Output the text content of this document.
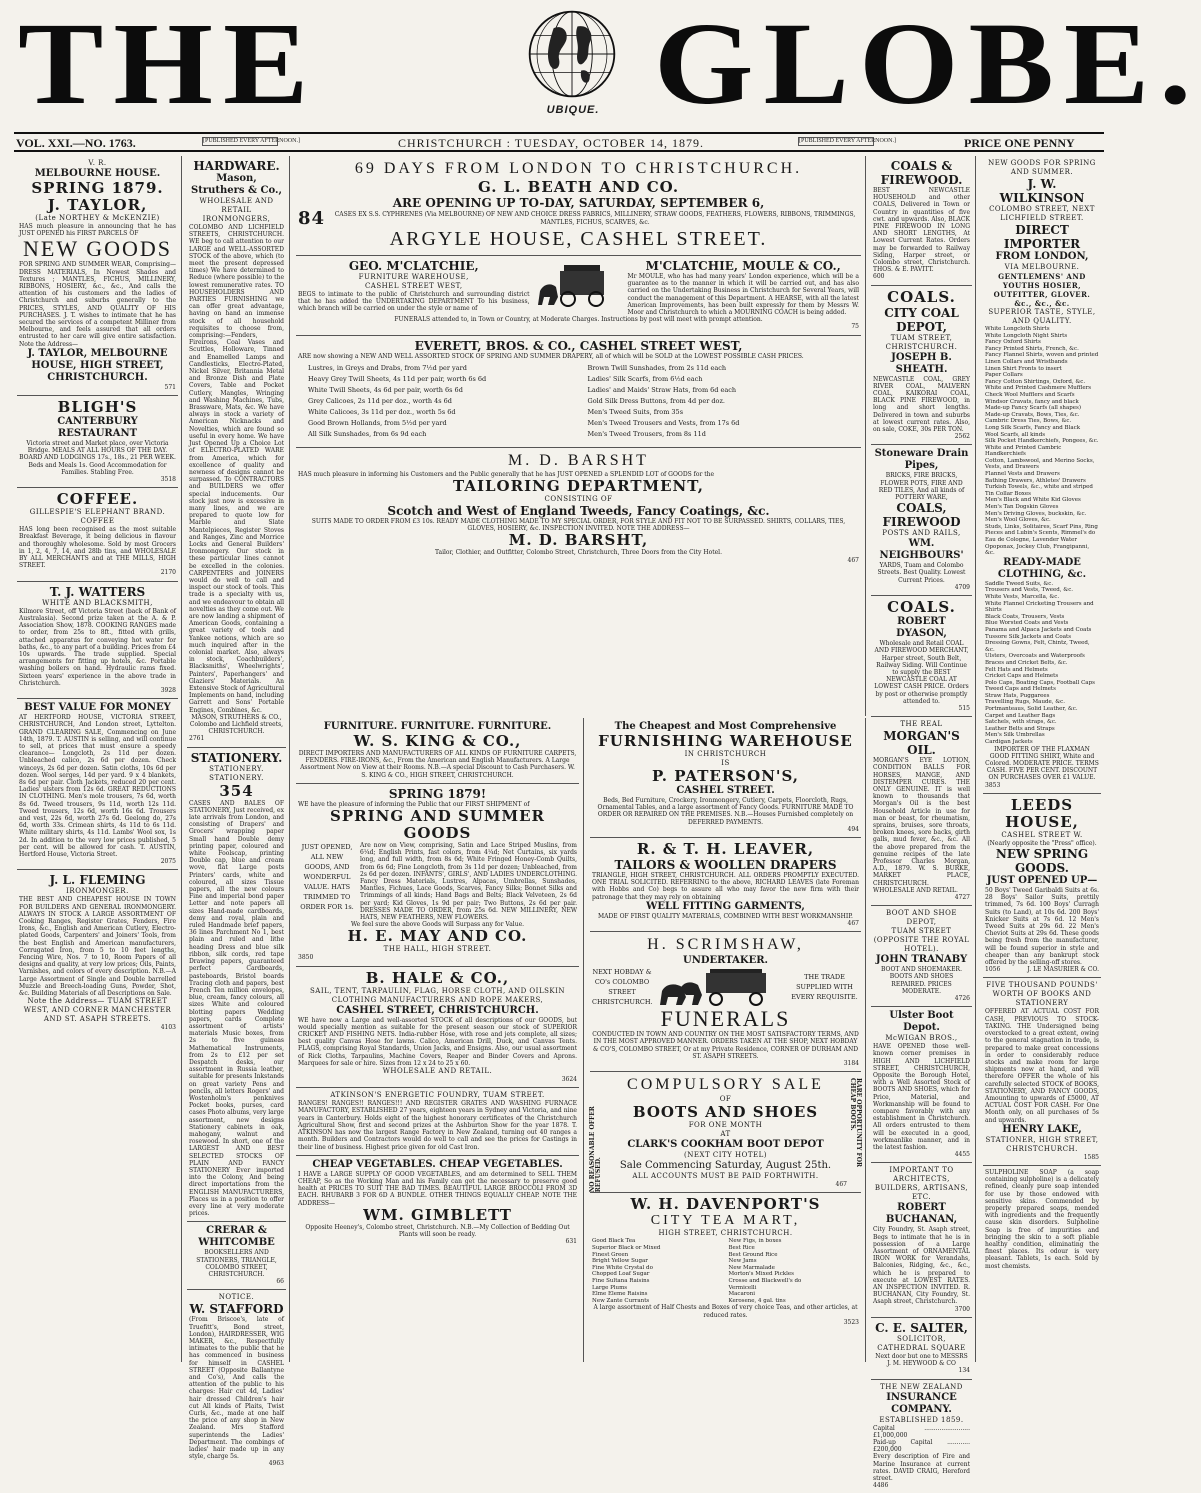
THE	UBIQUE. GLOBE.
VOL. XXI.—NO. 1763.	[PUBLISHED EVERY AFTERNOON.]	CHRISTCHURCH : TUESDAY, OCTOBER 14, 1879.	[PUBLISHED EVERY AFTERNOON.]	PRICE ONE PENNY
V. R.
MELBOURNE HOUSE.
SPRING 1879.
J. TAYLOR,
(Late NORTHEY & McKENZIE)
HAS much pleasure in announcing that he has JUST OPENED his FIRST PARCELS OF
NEW GOODS
FOR SPRING AND SUMMER WEAR, Comprising— DRESS MATERIALS, In Newest Shades and Textures ; MANTLES, FICHUS, MILLINERY, RIBBONS, HOSIERY, &c., &c., And calls the attention of his customers and the ladies of Christchurch and suburbs generally to the PRICES, STYLES, AND QUALITY OF HIS PURCHASES. J. T. wishes to intimate that he has secured the services of a competent Milliner from Melbourne, and feels assured that all orders entrusted to her care will give entire satisfaction. Note the Address—
J. TAYLOR, MELBOURNE HOUSE, HIGH STREET, CHRISTCHURCH.
571
BLIGH'S
CANTERBURY RESTAURANT
Victoria street and Market place, over Victoria Bridge. MEALS AT ALL HOURS OF THE DAY. BOARD AND LODGINGS 17s., 18s., 21 PER WEEK. Beds and Meals 1s. Good Accommodation for Families. Stabling Free.
3518
COFFEE.
GILLESPIE'S ELEPHANT BRAND. COFFEE
HAS long been recognised as the most suitable Breakfast Beverage, it being delicious in flavour and thoroughly wholesome. Sold by most Grocers in 1, 2, 4, 7, 14, and 28lb tins, and WHOLESALE BY ALL MERCHANTS and at THE MILLS, HIGH STREET.
2170
T. J. WATTERS
WHITE AND BLACKSMITH,
Kilmore Street, off Victoria Street (back of Bank of Australasia). Second prize taken at the A. & P. Association Show, 1878. COOKING RANGES made to order, from 25s to 8ft., fitted with grills, attached apparatus for conveying hot water for baths, &c., to any part of a building. Prices from £4 10s upwards. The trade supplied. Special arrangements for fitting up hotels, &c. Portable washing boilers on hand. Hydraulic rams fixed. Sixteen years' experience in the above trade in Christchurch.
3928
BEST VALUE FOR MONEY
AT HERTFORD HOUSE, VICTORIA STREET, CHRISTCHURCH, And London street, Lyttelton. GRAND CLEARING SALE, Commencing on June 14th, 1879. T. AUSTIN is selling, and will continue to sell, at prices that must ensure a speedy clearance— Longcloth, 2s 11d per dozen. Unbleached calico, 2s 6d per dozen. Check winceys, 2s 6d per dozen. Satin cloths, 10s 6d per dozen. Wool serges, 14d per yard. 9 x 4 blankets, 8s 6d per pair. Cloth Jackets, reduced 20 per cent. Ladies' ulsters from 12s 6d. GREAT REDUCTIONS IN CLOTHING. Men's mole trousers, 7s 6d, worth 8s 6d. Tweed trousers, 9s 11d, worth 12s 11d. Tweed trousers, 12s 6d, worth 16s 6d. Trousers and vest, 22s 6d, worth 27s 6d. Geelong do, 27s 6d, worth 33s. Crimean shirts, 4s 11d to 6s 11d. White military shirts, 4s 11d. Lambs' Wool sox, 1s 2d. In addition to the very low prices published, 5 per cent. will be allowed for cash. T. AUSTIN, Hertford House, Victoria Street.
2075
J. L. FLEMING
IRONMONGER.
THE BEST AND CHEAPEST HOUSE IN TOWN FOR BUILDERS AND GENERAL IRONMONGERY. ALWAYS IN STOCK A LARGE ASSORTMENT OF Cooking Ranges, Register Grates, Fenders, Fire Irons, &c., English and American Cutlery, Electro-plated Goods, Carpenters' and Joiners' Tools, from the best English and American manufacturers, Corrugated Iron, from 5 to 10 feet lengths, Fencing Wire, Nos. 7 to 10, Room Papers of all designs and quality, at very low prices; Oils, Paints, Varnishes, and colors of every description. N.B.—A Large Assortment of Single and Double barrelled Muzzle and Breech-loading Guns, Powder, Shot, &c. Building Materials of all Descriptions on Sale.
Note the Address— TUAM STREET WEST, AND CORNER MANCHESTER AND ST. ASAPH STREETS.
4103
HARDWARE.
Mason, Struthers & Co.,
WHOLESALE AND RETAIL IRONMONGERS,
COLOMBO AND LICHFIELD STREETS, CHRISTCHURCH. WE beg to call attention to our LARGE and WELL-ASSORTED STOCK of the above, which (to meet the present depressed times) We have determined to Reduce (where possible) to the lowest remunerative rates. TO HOUSEHOLDERS AND PARTIES FURNISHING we can offer great advantage, having on hand an immense stock of all household requisites to choose from, comprising:—Fenders, Fireirons, Coal Vases and Scuttles, Holloware, Tinned and Enamelled Lamps and Candlesticks, Electro-Plated, Nickel Silver, Britannia Metal and Bronze Dish and Plate Covers, Table and Pocket Cutlery, Mangles, Wringing and Washing Machines, Tubs, Brassware, Mats, &c. We have always in stock a variety of American Nicknacks and Novelties, which are found so useful in every home. We have Just Opened Up a Choice Lot of ELECTRO-PLATED WARE from America, which for excellence of quality and newness of designs cannot be surpassed. To CONTRACTORS and BUILDERS we offer special inducements. Our stock just now is excessive in many lines, and we are prepared to quote low for Marble and Slate Mantelpieces, Register Stoves and Ranges, Zinc and Morrice Locks and General Builders' Ironmongery. Our stock in these particular lines cannot be excelled in the colonies. CARPENTERS and JOINERS would do well to call and inspect our stock of tools. This trade is a specialty with us, and we endeavour to obtain all novelties as they come out. We are now landing a shipment of American Goods, containing a great variety of tools and Yankee notions, which are so much inquired after in the colonial market. Also, always in stock, Coachbuilders', Blacksmiths', Wheelwrights', Painters', Paperhangers' and Glaziers' Materials. An Extensive Stock of Agricultural Implements on hand, including Garrett and Sons' Portable Engines, Combines, &c.
MASON, STRUTHERS & CO., Colombo and Lichfield streets, CHRISTCHURCH.
2761
STATIONERY.
STATIONERY. STATIONERY.
354
CASES AND BALES OF STATIONERY, Just received, ex late arrivals from London, and consisting of Drapers' and Grocers' wrapping paper Small hand Double demy printing paper, coloured and white Foolscap, printing Double cap, blue and cream wove, flat Large posts Printers' cards, white and coloured, all sizes Tissue papers, all the new colours Fine and imperial bond paper Letter and note papers all sizes Hand-made cardboards, demy and royal, plain and ruled Handmade brief papers, 36 lines Parchment No 1, best plain and ruled and lithe heading Dress and blue silk ribbon, silk cords, red tape Drawing papers, guaranteed perfect Cardboards, pasteboards, Bristol boards Tracing cloth and papers, best French Ten million envelopes, blue, cream, fancy colours, all sizes White and coloured blotting papers Wedding papers, cards Complete assortment of artists' materials Music boxes, from 2s to five guineas Mathematical Instruments, from 2s to £12 per set Despatch desks, our assortment in Russia leather, suitable for presents Inkstands on great variety Pens and pencils, all letters Rogers' and Wostenholm's penknives Pocket books, purses, card cases Photo albums, very large assortment, new designs Stationery cabinets in oak, mahogany, walnut and rosewood. In short, one of the LARGEST AND BEST SELECTED STOCKS OF PLAIN AND FANCY STATIONERY Ever imported into the Colony, And being direct importations from the ENGLISH MANUFACTURERS, Places us in a position to offer every line at very moderate prices.
CRERAR & WHITCOMBE
BOOKSELLERS AND STATIONERS, TRIANGLE, COLOMBO STREET, CHRISTCHURCH.
66
NOTICE.
W. STAFFORD
(From Briscoe's, late of Truefitt's, Bond street, London), HAIRDRESSER, WIG MAKER, &c., Respectfully intimates to the public that he has commenced in business for himself in CASHEL STREET (Opposite Ballantyne and Co's), And calls the attention of the public to his charges: Hair cut 4d, Ladies' hair dressed Children's hair cut All kinds of Plaits, Twist Curls, &c., made at one half the price of any shop in New Zealand. Mrs Stafford superintends the Ladies' Department. The combings of ladies' hair made up in any style, charge 5s.
4963
69 DAYS FROM LONDON TO CHRISTCHURCH.
G. L. BEATH AND CO.
ARE OPENING UP TO-DAY, SATURDAY, SEPTEMBER 6,
84	CASES EX S.S. CYPHRENES (Via MELBOURNE) OF NEW AND CHOICE DRESS FABRICS, MILLINERY, STRAW GOODS, FEATHERS, FLOWERS, RIBBONS, TRIMMINGS, MANTLES, FICHUS, SCARVES, &c.
ARGYLE HOUSE, CASHEL STREET.
GEO. M'CLATCHIE,
FURNITURE WAREHOUSE,
CASHEL STREET WEST,
BEGS to intimate to the public of Christchurch and surrounding district that he has added the UNDERTAKING DEPARTMENT To his business, which branch will be carried on under the style or name of
M'CLATCHIE, MOULE & CO.,
Mr MOULE, who has had many years' London experience, which will be a guarantee as to the manner in which it will be carried out, and has also carried on the Undertaking Business in Christchurch for Several Years, will conduct the management of this Department. A HEARSE, with all the latest American Improvements, has been built expressly for them by Messrs W. Moor and Christchurch to which a MOURNING COACH is being added.
FUNERALS attended to, in Town or Country, at Moderate Charges. Instructions by post will meet with prompt attention.
75
EVERETT, BROS. & CO., CASHEL STREET WEST,
ARE now showing a NEW AND WELL ASSORTED STOCK OF SPRING AND SUMMER DRAPERY, all of which will be SOLD at the LOWEST POSSIBLE CASH PRICES.
Lustres, in Greys and Drabs, from 7½d per yard
Heavy Grey Twill Sheets, 4s 11d per pair, worth 6s 6d
White Twill Sheets, 4s 6d per pair, worth 6s 6d
Grey Calicoes, 2s 11d per doz., worth 4s 6d
White Calicoes, 3s 11d per doz., worth 5s 6d
Good Brown Hollands, from 5½d per yard
All Silk Sunshades, from 6s 9d each
Brown Twill Sunshades, from 2s 11d each
Ladies' Silk Scarfs, from 6½d each
Ladies' and Maids' Straw Hats, from 6d each
Gold Silk Dress Buttons, from 4d per doz.
Men's Tweed Suits, from 35s
Men's Tweed Trousers and Vests, from 17s 6d
Men's Tweed Trousers, from 8s 11d
M. D. BARSHT
HAS much pleasure in informing his Customers and the Public generally that he has JUST OPENED a SPLENDID LOT of GOODS for the
TAILORING DEPARTMENT,
CONSISTING OF
Scotch and West of England Tweeds, Fancy Coatings, &c.
SUITS MADE TO ORDER FROM £3 10s. READY MADE CLOTHING MADE TO MY SPECIAL ORDER, FOR STYLE AND FIT NOT TO BE SURPASSED. SHIRTS, COLLARS, TIES, GLOVES, HOSIERY, &c. INSPECTION INVITED. NOTE THE ADDRESS—
M. D. BARSHT,
Tailor, Clothier, and Outfitter, Colombo Street, Christchurch, Three Doors from the City Hotel.
467
FURNITURE. FURNITURE. FURNITURE.
W. S. KING & CO.,
DIRECT IMPORTERS AND MANUFACTURERS OF ALL KINDS OF FURNITURE CARPETS, FENDERS. FIRE-IRONS, &c., From the American and English Manufacturers. A Large Assortment Now on View at their Rooms. N.B.—A special Discount to Cash Purchasers. W. S. KING & CO., HIGH STREET, CHRISTCHURCH.
SPRING 1879!
WE have the pleasure of informing the Public that our FIRST SHIPMENT of
SPRING AND SUMMER GOODS
JUST OPENED, ALL NEW GOODS, AND WONDERFUL VALUE. HATS TRIMMED TO ORDER FOR 1s.
Are now on View, comprising, Satin and Lace Striped Muslins, from 6¼d; English Prints, fast colors, from 4¼d; Net Curtains, six yards long, and full width, from 8s 6d; White Fringed Honey-Comb Quilts, from 6s 6d; Fine Longcloth, from 3s 11d per dozen; Unbleached, from 2s 6d per dozen. INFANTS', GIRLS', AND LADIES UNDERCLOTHING. Fancy Dress Materials, Lustres, Alpacas, Umbrellas, Sunshades, Mantles, Fichues, Lace Goods, Scarves, Fancy Silks; Bonnet Silks and Trimmings of all kinds; Hand Bags and Belts; Black Velveteen, 2s 6d per yard; Kid Gloves, 1s 9d per pair; Two Buttons, 2s 6d per pair. DRESSES MADE TO ORDER, from 25s 6d. NEW MILLINERY, NEW HATS, NEW FEATHERS, NEW FLOWERS.
We feel sure the above Goods will Surpass any for Value.
H. E. MAY AND CO.
THE HALL, HIGH STREET.
3850
B. HALE & CO.,
SAIL, TENT, TARPAULIN, FLAG, HORSE CLOTH, AND OILSKIN CLOTHING MANUFACTURERS AND ROPE MAKERS,
CASHEL STREET, CHRISTCHURCH.
WE have now a Large and well-assorted STOCK of all descriptions of our GOODS, but would specially mention as suitable for the present season our stock of SUPERIOR CRICKET AND FISHING NETS. India-rubber Hose, with rose and jets complete, all sizes; best quality Canvas Hose for lawns. Calico, American Drill, Duck, and Canvas Tents. FLAGS, comprising Royal Standards, Union Jacks, and Ensigns. Also, our usual assortment of Rick Cloths, Tarpaulins, Machine Covers, Reaper and Binder Covers and Aprons. Marquees for sale or hire. Sizes from 12 x 24 to 25 x 60.
WHOLESALE AND RETAIL.
3624
ATKINSON'S ENERGETIC FOUNDRY, TUAM STREET.
RANGES! RANGES!! RANGES!!! AND REGISTER GRATES AND WASHING FURNACE MANUFACTORY, ESTABLISHED 27 years, eighteen years in Sydney and Victoria, and nine years in Canterbury. Holds eight of the highest honorary certificates of the Christchurch Agricultural Show, first and second prizes at the Ashburton Show for the year 1878. T. ATKINSON has now the largest Range Factory in New Zealand, turning out 40 ranges a month. Builders and Contractors would do well to call and see the prices for Castings in their line of business. Highest price given for old Cast Iron.
CHEAP VEGETABLES. CHEAP VEGETABLES.
I HAVE a LARGE SUPPLY OF GOOD VEGETABLES, and am determined to SELL THEM CHEAP, So as the Working Man and his Family can get the necessary to preserve good health at PRICES TO SUIT THE BAD TIMES. BEAUTIFUL LARGE BROCCOLI FROM 3D EACH. RHUBARB 3 FOR 6D A BUNDLE. OTHER THINGS EQUALLY CHEAP. NOTE THE ADDRESS—
WM. GIMBLETT
Opposite Heeney's, Colombo street, Christchurch. N.B.—My Collection of Bedding Out Plants will soon be ready.
631
The Cheapest and Most Comprehensive
FURNISHING WAREHOUSE
IN CHRISTCHURCH
IS
P. PATERSON'S,
CASHEL STREET.
Beds, Bed Furniture, Crockery, Ironmongery, Cutlery, Carpets, Floorcloth, Rugs, Ornamental Tables, and a large assortment of Fancy Goods. FURNITURE MADE TO ORDER OR REPAIRED ON THE PREMISES. N.B.—Houses Furnished completely on DEFERRED PAYMENTS.
494
R. & T. H. LEAVER,
TAILORS & WOOLLEN DRAPERS
TRIANGLE, HIGH STREET, CHRISTCHURCH. ALL ORDERS PROMPTLY EXECUTED. ONE TRIAL SOLICITED. REFERRING to the above, RICHARD LEAVES (late Foreman with Hobbs and Co) begs to assure all who may favor the new firm with their patronage that they may rely on obtaining
WELL FITTING GARMENTS,
MADE OF FIRST QUALITY MATERIALS, COMBINED WITH BEST WORKMANSHIP.
467
H. SCRIMSHAW,
UNDERTAKER.
NEXT HOBDAY & CO's COLOMBO STREET CHRISTCHURCH.
THE TRADE SUPPLIED WITH EVERY REQUISITE.
FUNERALS
CONDUCTED IN TOWN AND COUNTRY ON THE MOST SATISFACTORY TERMS, AND IN THE MOST APPROVED MANNER. ORDERS TAKEN AT THE SHOP, NEXT HOBDAY & CO'S, COLOMBO STREET, Or at my Private Residence, CORNER OF DURHAM AND ST. ASAPH STREETS.
3184
NO REASONABLE OFFER REFUSED.
RARE OPPORTUNITY FOR CHEAP BOOTS.
COMPULSORY SALE
OF
BOOTS AND SHOES
FOR ONE MONTH
AT
CLARK'S COOKHAM BOOT DEPOT
(NEXT CITY HOTEL)
Sale Commencing Saturday, August 25th.
ALL ACCOUNTS MUST BE PAID FORTHWITH.
467
W. H. DAVENPORT'S
CITY TEA MART,
HIGH STREET, CHRISTCHURCH.
Good Black Tea
Superior Black or Mixed
Finest Green
Bright Yellow Sugar
Fine White Crystal do
Chopped Loaf Sugar
Fine Sultana Raisins
Large Plums
Elme Eleme Raisins
New Zante Currants
New Figs, in boxes
Best Rice
Best Ground Rice
New Jams
New Marmalade
Morton's Mixed Pickles
Crosse and Blackwell's do
Vermicelli
Macaroni
Kerosene, 4 gal. tins
A large assortment of Half Chests and Boxes of very choice Teas, and other articles, at reduced rates.
3523
COALS & FIREWOOD.
BEST NEWCASTLE HOUSEHOLD and other COALS, Delivered in Town or Country in quantities of five cwt. and upwards. Also, BLACK PINE FIREWOOD IN LONG AND SHORT LENGTHS, At Lowest Current Rates. Orders may be forwarded to Railway Siding, Harper street, or Colombo street, Christchurch. THOS. & E. PAVITT.
600
COALS.
CITY COAL DEPOT,
TUAM STREET, CHRISTCHURCH.
JOSEPH B. SHEATH.
NEWCASTLE COAL, GREY RIVER COAL, MALVERN COAL, KAIKORAI COAL, BLACK PINE FIREWOOD, in long and short lengths. Delivered in town and suburbs at lowest current rates. Also, on sale, COKE, 30s PER TON.
2562
Stoneware Drain Pipes,
BRICKS, FIRE BRICKS, FLOWER POTS, FIRE AND RED TILES, And all kinds of POTTERY WARE,
COALS, FIREWOOD
POSTS AND RAILS,
WM. NEIGHBOURS'
YARDS, Tuam and Colombo Streets. Best Quality. Lowest Current Prices.
4709
COALS.
ROBERT DYASON,
Wholesale and Retail COAL AND FIREWOOD MERCHANT, Harper street, South Belt, Railway Siding. Will Continue to supply the BEST NEWCASTLE COAL AT LOWEST CASH PRICE. Orders by post or otherwise promptly attended to.
515
THE REAL
MORGAN'S OIL.
MORGAN'S EYE LOTION, CONDITION BALLS FOR HORSES, MANGE, AND DISTEMPER CURES. THE ONLY GENUINE. IT is well known to thousands that Morgan's Oil is the best Household Article in use for man or beast, for rheumatism, sprains, bruises, sore throats, broken knees, sore backs, girth galls, mud fever, &c., &c. All the above prepared from the genuine recipes of the late Professor Charles Morgan, A.D., 1879. W. S. BURKE, MARKET PLACE, CHRISTCHURCH. WHOLESALE AND RETAIL.
4727
BOOT AND SHOE DEPOT,
TUAM STREET (OPPOSITE THE ROYAL HOTEL).
JOHN TRANABY
BOOT AND SHOEMAKER. BOOTS AND SHOES REPAIRED. PRICES MODERATE.
4726
Ulster Boot Depot.
McWIGAN BROS.,
HAVE OPENED those well-known corner premises in HIGH AND LICHFIELD STREET, CHRISTCHURCH, Opposite the Borough Hotel, with a Well Assorted Stock of BOOTS AND SHOES, which for Price, Material, and Workmanship will be found to compare favorably with any establishment in Christchurch. All orders entrusted to them will be executed in a good, workmanlike manner, and in the latest fashion.
4455
IMPORTANT TO ARCHITECTS, BUILDERS, ARTISANS, ETC.
ROBERT BUCHANAN,
City Foundry, St. Asaph street, Begs to intimate that he is in possession of a Large Assortment of ORNAMENTAL IRON WORK for Verandahs, Balconies, Ridging, &c., &c., which he is prepared to execute at LOWEST RATES. AN INSPECTION INVITED. R. BUCHANAN, City Foundry, St. Asaph street, Christchurch.
3700
C. E. SALTER,
SOLICITOR,
CATHEDRAL SQUARE
Next door but one to MESSRS J. M. HEYWOOD & CO
134
THE NEW ZEALAND
INSURANCE COMPANY.
ESTABLISHED 1859.
Capital ........................ £1,000,000
Paid-up Capital ............ £200,000
Every description of Fire and Marine Insurance at current rates. DAVID CRAIG, Hereford street.
4486
NEW GOODS FOR SPRING AND SUMMER.
J. W. WILKINSON
COLOMBO STREET, NEXT LICHFIELD STREET.
DIRECT IMPORTER
FROM LONDON,
VIA MELBOURNE.
GENTLEMENS' AND YOUTHS HOSIER, OUTFITTER, GLOVER. &c., &c., &c.
SUPERIOR TASTE, STYLE, AND QUALITY.
White Longcloth Shirts
White Longcloth Night Shirts
Fancy Oxford Shirts
Fancy Printed Shirts, French, &c.
Fancy Flannel Shirts, woven and printed
Linen Collars and Wristbands
Linen Shirt Fronts to insert
Paper Collars
Fancy Cotton Shirtings, Oxford, &c.
White and Printed Cashmere Mufflers
Check Wool Mufflers and Scarfs
Windsor Cravats, fancy and black
Made-up Fancy Scarfs (all shapes)
Made-up Cravats, Bows, Ties, &c.
Cambric Dress Ties, Bows, &c.
Long Silk Scarfs, Fancy and Black
Wool Scarfs, all kinds
Silk Pocket Handkerchiefs, Pongees, &c.
White and Printed Cambric Handkerchiefs
Cotton, Lambswool, and Merino Socks, Vests, and Drawers
Flannel Vests and Drawers
Bathing Drawers, Athletes' Drawers
Turkish Towels, &c., white and striped
Tin Collar Boxes
Men's Black and White Kid Gloves
Men's Tan Dogskin Gloves
Men's Driving Gloves, buckskin, &c.
Men's Wool Gloves, &c.
Studs, Links, Solitaires, Scarf Pins, Ring Pieces and Lubin's Scents, Rimmel's do
Eau de Cologne, Lavender Water
Opoponax, Jockey Club, Frangipanni, &c.
READY-MADE CLOTHING, &c.
Saddle Tweed Suits, &c.
Trousers and Vests, Tweed, &c.
White Vests, Marcella, &c.
White Flannel Cricketing Trousers and Shirts
Black Coats, Trousers, Vests
Blue Worsted Coats and Vests
Panama and Alpaca Jackets and Coats
Tussore Silk Jackets and Coats
Dressing Gowns, Felt, Chintz, Tweed, &c.
Ulsters, Overcoats and Waterproofs
Braces and Cricket Belts, &c.
Felt Hats and Helmets
Cricket Caps and Helmets
Polo Caps, Boating Caps, Football Caps
Tweed Caps and Helmets
Straw Hats, Puggarees
Travelling Rugs, Maude, &c.
Portmanteaus, Solid Leather, &c.
Carpet and Leather Bags
Satchels, with straps, &c.
Leather Belts and Straps
Men's Silk Umbrellas
Cardigan Jackets
IMPORTER OF THE FLAXMAN GOOD FITTING SHIRT, White and Colored. MODERATE PRICE. TERMS CASH. FIVE PER CENT. DISCOUNT ON PURCHASES OVER £1 VALUE.
3853
LEEDS HOUSE,
CASHEL STREET W.
(Nearly opposite the "Press" office).
NEW SPRING GOODS.
JUST OPENED UP—
50 Boys' Tweed Garibaldi Suits at 6s. 28 Boys' Sailor Suits, prettily trimmed, 7s 6d. 100 Boys' Curragh Suits (to Land), at 10s 6d. 200 Boys' Knicker Suits at 7s 6d. 12 Men's Tweed Suits at 29s 6d. 22 Men's Cheviot Suits at 29s 6d. These goods being fresh from the manufacturer, will be found superior in style and cheaper than any bankrupt stock offered by the selling-off stores.
1056	J. LE MASURIER & CO.
FIVE THOUSAND POUNDS' WORTH OF BOOKS AND STATIONERY
OFFERED AT ACTUAL COST FOR CASH, PREVIOUS TO STOCK-TAKING. THE Undersigned being overstocked to a great extent, owing to the general stagnation in trade, is prepared to make great concessions in order to considerably reduce stocks and make room for large shipments now at hand, and will therefore OFFER the whole of his carefully selected STOCK of BOOKS, STATIONERY, AND FANCY GOODS, Amounting to upwards of £5000, AT ACTUAL COST FOR CASH. For One Month only, on all purchases of 5s and upwards.
HENRY LAKE,
STATIONER, HIGH STREET, CHRISTCHURCH.
1585
SULPHOLINE SOAP (a soap containing sulpholine) is a delicately refined, cleanly pure soap intended for use by those endowed with sensitive skins. Commended by properly prepared soaps, mended with ingredients and the frequently cause skin disorders. Sulpholine Soap is free of impurities and bringing the skin to a soft pliable healthy condition, eliminating the finest places. Its odour is very pleasant. Tablets, 1s each. Sold by most chemists.
